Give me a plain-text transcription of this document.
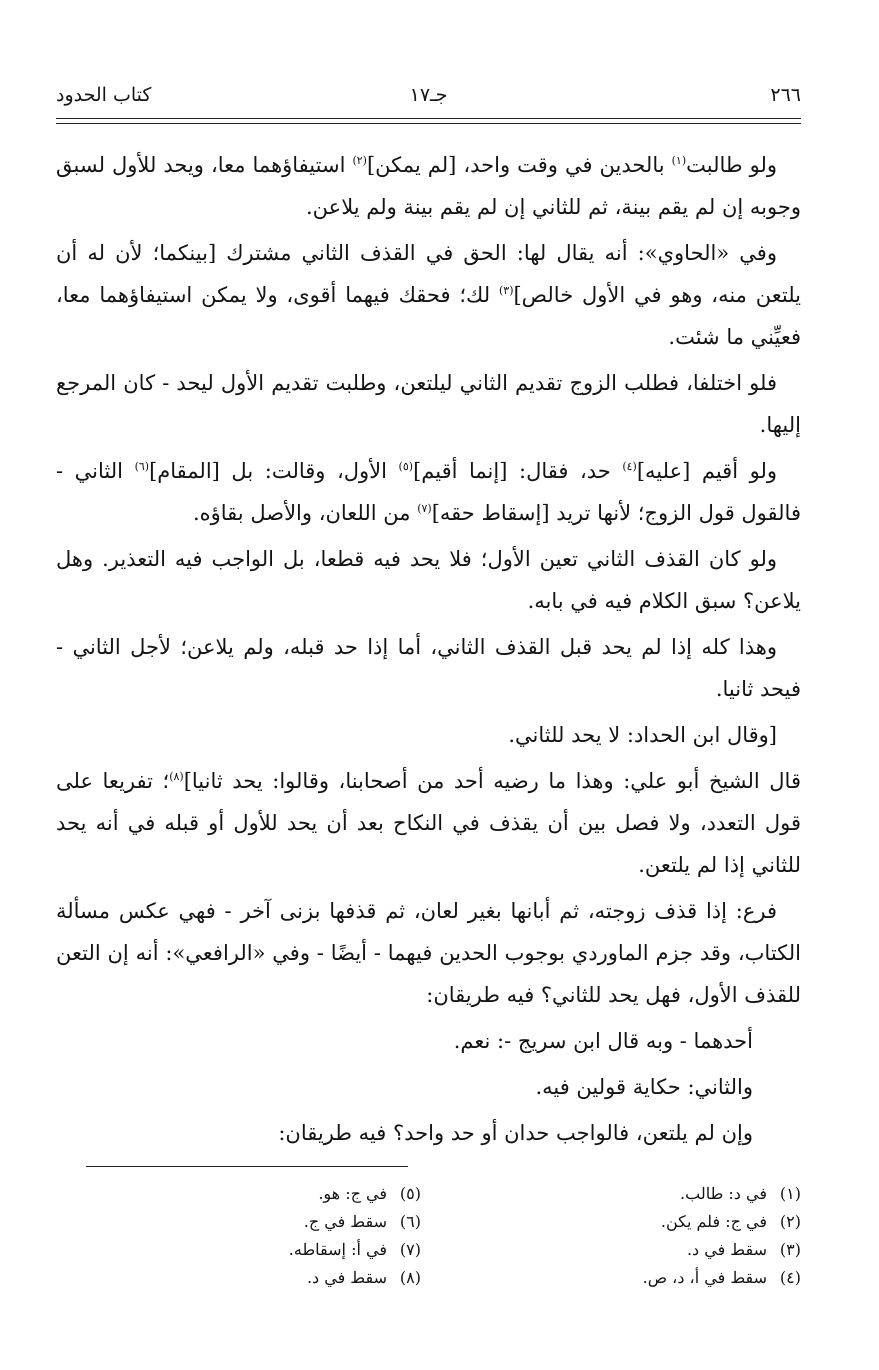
٢٦٦
جـ١٧
كتاب الحدود

ولو طالبت$^{(١)}$ بالحدين في وقت واحد، [لم يمكن]$^{(٢)}$ استيفاؤهما معا، ويحد للأول لسبق وجوبه إن لم يقم بينة، ثم للثاني إن لم يقم بينة ولم يلاعن.

وفي «الحاوي»: أنه يقال لها: الحق في القذف الثاني مشترك [بينكما؛ لأن له أن يلتعن منه، وهو في الأول خالص]$^{(٣)}$ لك؛ فحقك فيهما أقوى، ولا يمكن استيفاؤهما معا، فعيِّني ما شئت.

فلو اختلفا، فطلب الزوج تقديم الثاني ليلتعن، وطلبت تقديم الأول ليحد - كان المرجع إليها.

ولو أقيم [عليه]$^{(٤)}$ حد، فقال: [إنما أقيم]$^{(٥)}$ الأول، وقالت: بل [المقام]$^{(٦)}$ الثاني - فالقول قول الزوج؛ لأنها تريد [إسقاط حقه]$^{(٧)}$ من اللعان، والأصل بقاؤه.

ولو كان القذف الثاني تعين الأول؛ فلا يحد فيه قطعا، بل الواجب فيه التعذير. وهل يلاعن؟ سبق الكلام فيه في بابه.

وهذا كله إذا لم يحد قبل القذف الثاني، أما إذا حد قبله، ولم يلاعن؛ لأجل الثاني - فيحد ثانيا.

[وقال ابن الحداد: لا يحد للثاني.

قال الشيخ أبو علي: وهذا ما رضيه أحد من أصحابنا، وقالوا: يحد ثانيا]$^{(٨)}$؛ تفريعا على قول التعدد، ولا فصل بين أن يقذف في النكاح بعد أن يحد للأول أو قبله في أنه يحد للثاني إذا لم يلتعن.

فرع: إذا قذف زوجته، ثم أبانها بغير لعان، ثم قذفها بزنى آخر - فهي عكس مسألة الكتاب، وقد جزم الماوردي بوجوب الحدين فيهما - أيضًا - وفي «الرافعي»: أنه إن التعن للقذف الأول، فهل يحد للثاني؟ فيه طريقان:

أحدهما - وبه قال ابن سريج -: نعم.

والثاني: حكاية قولين فيه.

وإن لم يلتعن، فالواجب حدان أو حد واحد؟ فيه طريقان:

(١)
في د: طالب.
(٢)
في ج: فلم يكن.
(٣)
سقط في د.
(٤)
سقط في أ، د، ص.
(٥)
في ج: هو.
(٦)
سقط في ج.
(٧)
في أ: إسقاطه.
(٨)
سقط في د.
